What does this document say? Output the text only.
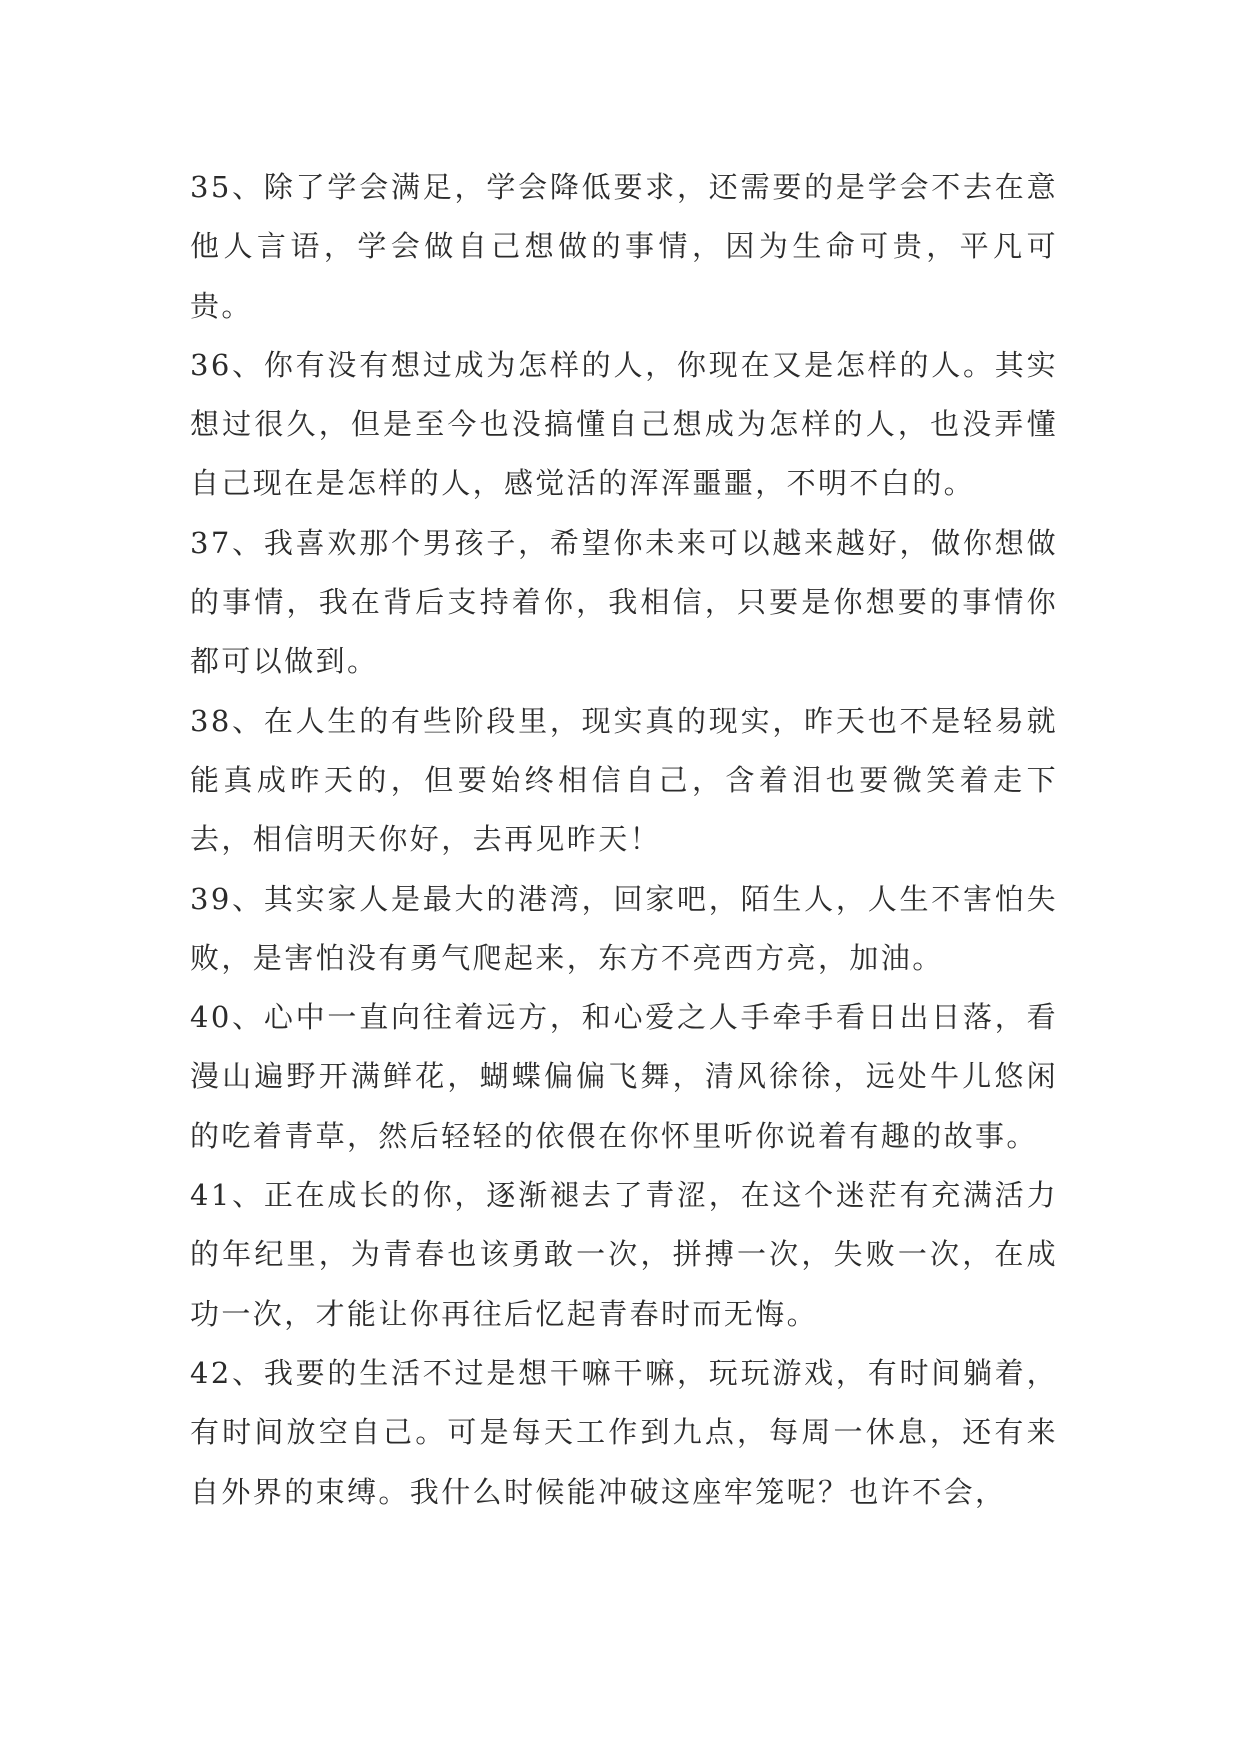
35、除了学会满足，学会降低要求，还需要的是学会不去在意他人言语，学会做自己想做的事情，因为生命可贵，平凡可贵。

36、你有没有想过成为怎样的人，你现在又是怎样的人。其实想过很久，但是至今也没搞懂自己想成为怎样的人，也没弄懂自己现在是怎样的人，感觉活的浑浑噩噩，不明不白的。

37、我喜欢那个男孩子，希望你未来可以越来越好，做你想做的事情，我在背后支持着你，我相信，只要是你想要的事情你都可以做到。

38、在人生的有些阶段里，现实真的现实，昨天也不是轻易就能真成昨天的，但要始终相信自己，含着泪也要微笑着走下去，相信明天你好，去再见昨天！

39、其实家人是最大的港湾，回家吧，陌生人，人生不害怕失败，是害怕没有勇气爬起来，东方不亮西方亮，加油。

40、心中一直向往着远方，和心爱之人手牵手看日出日落，看漫山遍野开满鲜花，蝴蝶偏偏飞舞，清风徐徐，远处牛儿悠闲的吃着青草，然后轻轻的依偎在你怀里听你说着有趣的故事。

41、正在成长的你，逐渐褪去了青涩，在这个迷茫有充满活力的年纪里，为青春也该勇敢一次，拼搏一次，失败一次，在成功一次，才能让你再往后忆起青春时而无悔。

42、我要的生活不过是想干嘛干嘛，玩玩游戏，有时间躺着，有时间放空自己。可是每天工作到九点，每周一休息，还有来自外界的束缚。我什么时候能冲破这座牢笼呢？也许不会，
